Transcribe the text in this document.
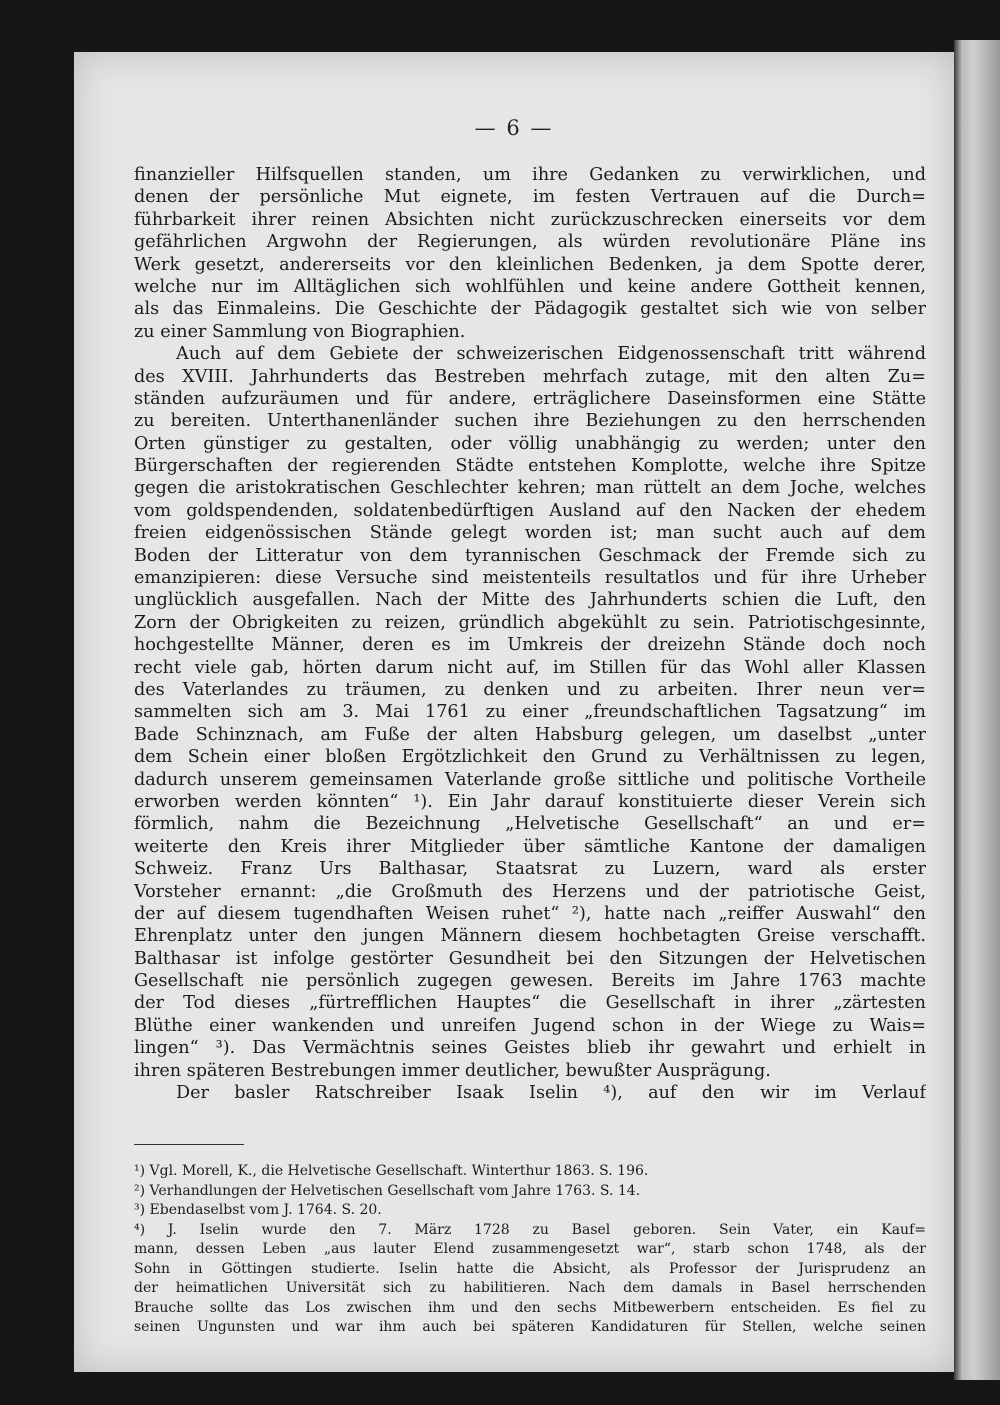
— 6 —
finanzieller Hilfsquellen standen, um ihre Gedanken zu verwirklichen, und
denen der persönliche Mut eignete, im festen Vertrauen auf die Durch=
führbarkeit ihrer reinen Absichten nicht zurückzuschrecken einerseits vor dem
gefährlichen Argwohn der Regierungen, als würden revolutionäre Pläne ins
Werk gesetzt, andererseits vor den kleinlichen Bedenken, ja dem Spotte derer,
welche nur im Alltäglichen sich wohlfühlen und keine andere Gottheit kennen,
als das Einmaleins. Die Geschichte der Pädagogik gestaltet sich wie von selber
zu einer Sammlung von Biographien.
Auch auf dem Gebiete der schweizerischen Eidgenossenschaft tritt während
des XVIII. Jahrhunderts das Bestreben mehrfach zutage, mit den alten Zu=
ständen aufzuräumen und für andere, erträglichere Daseinsformen eine Stätte
zu bereiten. Unterthanenländer suchen ihre Beziehungen zu den herrschenden
Orten günstiger zu gestalten, oder völlig unabhängig zu werden; unter den
Bürgerschaften der regierenden Städte entstehen Komplotte, welche ihre Spitze
gegen die aristokratischen Geschlechter kehren; man rüttelt an dem Joche, welches
vom goldspendenden, soldatenbedürftigen Ausland auf den Nacken der ehedem
freien eidgenössischen Stände gelegt worden ist; man sucht auch auf dem
Boden der Litteratur von dem tyrannischen Geschmack der Fremde sich zu
emanzipieren: diese Versuche sind meistenteils resultatlos und für ihre Urheber
unglücklich ausgefallen. Nach der Mitte des Jahrhunderts schien die Luft, den
Zorn der Obrigkeiten zu reizen, gründlich abgekühlt zu sein. Patriotischgesinnte,
hochgestellte Männer, deren es im Umkreis der dreizehn Stände doch noch
recht viele gab, hörten darum nicht auf, im Stillen für das Wohl aller Klassen
des Vaterlandes zu träumen, zu denken und zu arbeiten. Ihrer neun ver=
sammelten sich am 3. Mai 1761 zu einer „freundschaftlichen Tagsatzung“ im
Bade Schinznach, am Fuße der alten Habsburg gelegen, um daselbst „unter
dem Schein einer bloßen Ergötzlichkeit den Grund zu Verhältnissen zu legen,
dadurch unserem gemeinsamen Vaterlande große sittliche und politische Vortheile
erworben werden könnten“ ¹). Ein Jahr darauf konstituierte dieser Verein sich
förmlich, nahm die Bezeichnung „Helvetische Gesellschaft“ an und er=
weiterte den Kreis ihrer Mitglieder über sämtliche Kantone der damaligen
Schweiz. Franz Urs Balthasar, Staatsrat zu Luzern, ward als erster
Vorsteher ernannt: „die Großmuth des Herzens und der patriotische Geist,
der auf diesem tugendhaften Weisen ruhet“ ²), hatte nach „reiffer Auswahl“ den
Ehrenplatz unter den jungen Männern diesem hochbetagten Greise verschafft.
Balthasar ist infolge gestörter Gesundheit bei den Sitzungen der Helvetischen
Gesellschaft nie persönlich zugegen gewesen. Bereits im Jahre 1763 machte
der Tod dieses „fürtrefflichen Hauptes“ die Gesellschaft in ihrer „zärtesten
Blüthe einer wankenden und unreifen Jugend schon in der Wiege zu Wais=
lingen“ ³). Das Vermächtnis seines Geistes blieb ihr gewahrt und erhielt in
ihren späteren Bestrebungen immer deutlicher, bewußter Ausprägung.
Der basler Ratschreiber Isaak Iselin ⁴), auf den wir im Verlauf
¹) Vgl. Morell, K., die Helvetische Gesellschaft. Winterthur 1863. S. 196.
²) Verhandlungen der Helvetischen Gesellschaft vom Jahre 1763. S. 14.
³) Ebendaselbst vom J. 1764. S. 20.
⁴) J. Iselin wurde den 7. März 1728 zu Basel geboren. Sein Vater, ein Kauf=
mann, dessen Leben „aus lauter Elend zusammengesetzt war“, starb schon 1748, als der
Sohn in Göttingen studierte. Iselin hatte die Absicht, als Professor der Jurisprudenz an
der heimatlichen Universität sich zu habilitieren. Nach dem damals in Basel herrschenden
Brauche sollte das Los zwischen ihm und den sechs Mitbewerbern entscheiden. Es fiel zu
seinen Ungunsten und war ihm auch bei späteren Kandidaturen für Stellen, welche seinen
